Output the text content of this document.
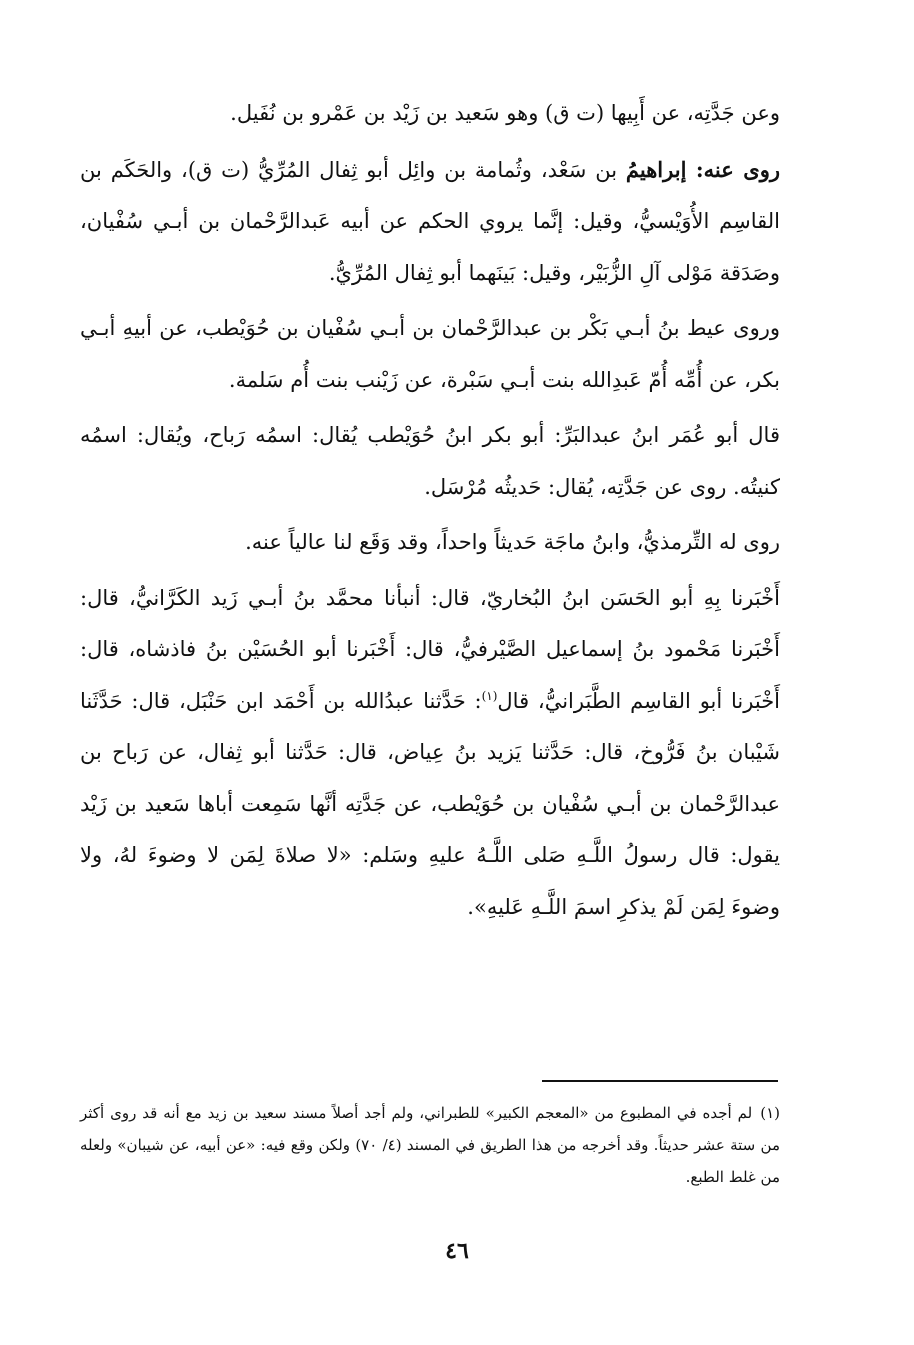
وعن جَدَّتِه، عن أَبِيها (ت ق) وهو سَعيد بن زَيْد بن عَمْرو بن نُفَيل.

روى عنه: إبراهيمُ بن سَعْد، وثُمامة بن وائِل أبو ثِفال المُرِّيُّ (ت ق)، والحَكَم بن القاسِم الأُوَيْسيُّ، وقيل: إنَّما يروي الحكم عن أبيه عَبدالرَّحْمان بن أبـي سُفْيان، وصَدَقة مَوْلى آلِ الزُّبَيْر، وقيل: بَينَهما أبو ثِفال المُرِّيُّ.

وروى عيط بنُ أبـي بَكْر بن عبدالرَّحْمان بن أبـي سُفْيان بن حُوَيْطب، عن أبيهِ أبـي بكر، عن أُمِّه أُمّ عَبدِالله بنت أبـي سَبْرة، عن زَيْنب بنت أُم سَلمة.

قال أبو عُمَر ابنُ عبدالبَرِّ: أبو بكر ابنُ حُوَيْطب يُقال: اسمُه رَباح، ويُقال: اسمُه كنيتُه. روى عن جَدَّتِه، يُقال: حَديثُه مُرْسَل.

روى له التِّرمذيُّ، وابنُ ماجَة حَديثاً واحداً، وقد وَقَع لنا عالياً عنه.

أَخْبَرنا بِهِ أبو الحَسَن ابنُ البُخاريّ، قال: أنبأنا محمَّد بنُ أبـي زَيد الكَرَّانيُّ، قال: أَخْبَرنا مَحْمود بنُ إسماعيل الصَّيْرفيُّ، قال: أَخْبَرنا أبو الحُسَيْن بنُ فاذشاه، قال: أَخْبَرنا أبو القاسِم الطَّبَرانيُّ، قال$^{(١)}$: حَدَّثنا عبدُالله بن أَحْمَد ابن حَنْبَل، قال: حَدَّثَنا شَيْبان بنُ فَرُّوخ، قال: حَدَّثنا يَزيد بنُ عِياض، قال: حَدَّثنا أبو ثِفال، عن رَباح بن عبدالرَّحْمان بن أبـي سُفْيان بن حُوَيْطب، عن جَدَّتِه أنَّها سَمِعت أباها سَعيد بن زَيْد يقول: قال رسولُ اللَّـهِ صَلى اللَّـهُ عليهِ وسَلم: «لا صلاةَ لِمَن لا وضوءَ لهُ، ولا وضوءَ لِمَن لَمْ يذكرِ اسمَ اللَّـهِ عَليهِ».

(١)لم أجده في المطبوع من «المعجم الكبير» للطبراني، ولم أجد أصلاً مسند سعيد بن زيد مع أنه قد روى أكثر من ستة عشر حديثاً. وقد أخرجه من هذا الطريق في المسند (٤/ ٧٠) ولكن وقع فيه: «عن أبيه، عن شيبان» ولعله من غلط الطبع.

٤٦
